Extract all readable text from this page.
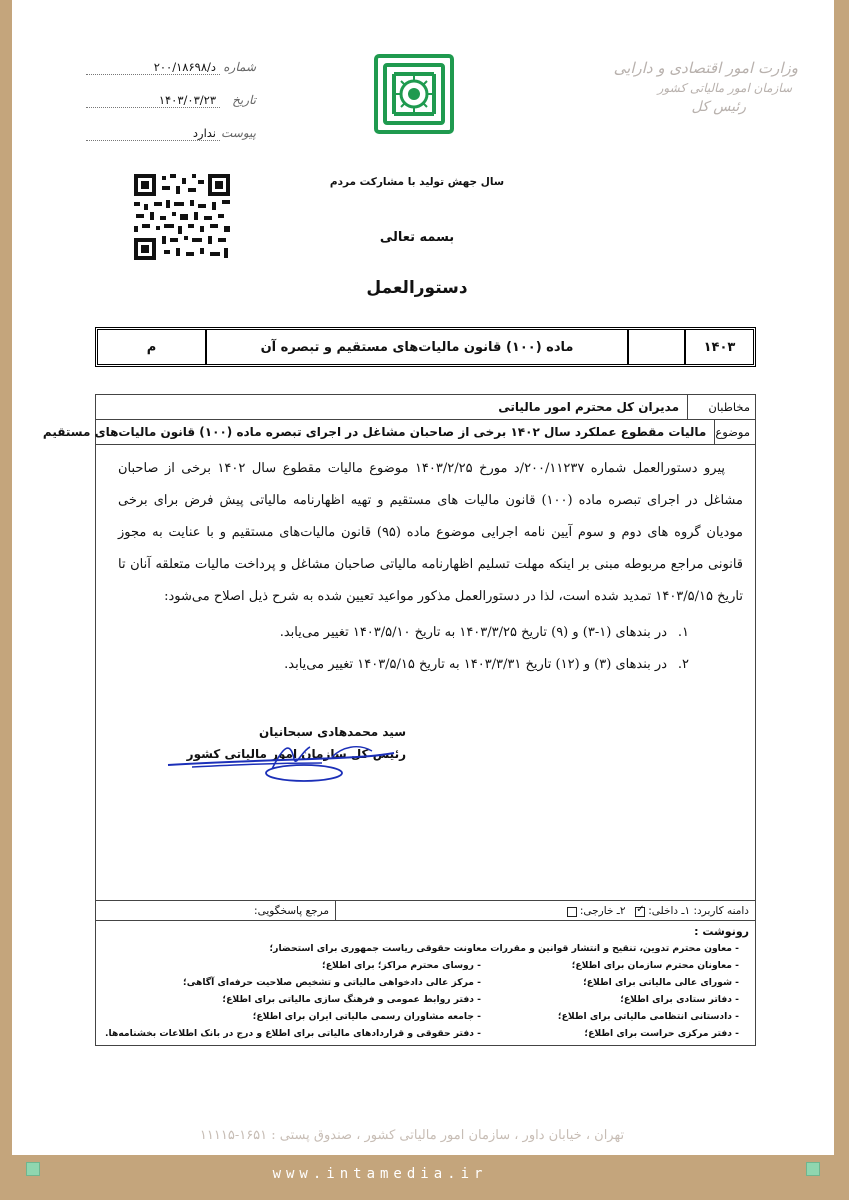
وزارت امور اقتصادی و دارایی
سازمان امور مالیاتی کشور
رئیس کل
سال جهش تولید با مشارکت مردم
شماره
د/۲۰۰/۱۸۶۹۸
تاریخ
۱۴۰۳/۰۳/۲۳
پیوست
ندارد
بسمه تعالی
دستورالعمل
۱۴۰۳
ماده (۱۰۰) قانون مالیات‌های مستقیم و تبصره آن
م
مخاطبان
مدیران کل محترم امور مالیاتی
موضوع
مالیات مقطوع عملکرد سال ۱۴۰۲ برخی از صاحبان مشاغل در اجرای تبصره ماده (۱۰۰) قانون مالیات‌های مستقیم

پیرو دستورالعمل شماره ۲۰۰/۱۱۲۳۷/د مورخ ۱۴۰۳/۲/۲۵ موضوع مالیات مقطوع سال ۱۴۰۲ برخی از صاحبان مشاغل در اجرای تبصره ماده (۱۰۰) قانون مالیات های مستقیم و تهیه اظهارنامه مالیاتی پیش فرض برای برخی مودیان گروه های دوم و سوم آیین نامه اجرایی موضوع ماده (۹۵) قانون مالیات‌های مستقیم و با عنایت به مجوز قانونی مراجع مربوطه مبنی بر اینکه مهلت تسلیم اظهارنامه مالیاتی صاحبان مشاغل و پرداخت مالیات متعلقه آنان تا تاریخ ۱۴۰۳/۵/۱۵ تمدید شده است، لذا در دستورالعمل مذکور مواعید تعیین شده به شرح ذیل اصلاح می‌شود:

۱.
در بندهای (۱-۳) و (۹) تاریخ ۱۴۰۳/۳/۲۵ به تاریخ ۱۴۰۳/۵/۱۰ تغییر می‌یابد.
۲.
در بندهای (۳) و (۱۲) تاریخ ۱۴۰۳/۳/۳۱ به تاریخ ۱۴۰۳/۵/۱۵ تغییر می‌یابد.
سید محمدهادی سبحانیان
رئیس کل سازمان امور مالیاتی کشور
دامنه کاربرد:

۱ـ داخلی:
✓

۲ـ خارجی:
مرجع پاسخگویی:
رونوشت :
- معاون محترم تدوین، تنقیح و انتشار قوانین و مقررات معاونت حقوقی ریاست جمهوری برای استحضار؛
- معاونان محترم سازمان برای اطلاع؛
- روسای محترم مراکز؛ برای اطلاع؛
- شورای عالی مالیاتی برای اطلاع؛
- مرکز عالی دادخواهی مالیاتی و تشخیص صلاحیت حرفه‌ای آگاهی؛
- دفاتر ستادی برای اطلاع؛
- دفتر روابط عمومی و فرهنگ سازی مالیاتی برای اطلاع؛
- دادستانی انتظامی مالیاتی برای اطلاع؛
- جامعه مشاوران رسمی مالیاتی ایران برای اطلاع؛
- دفتر مرکزی حراست برای اطلاع؛
- دفتر حقوقی و قراردادهای مالیاتی برای اطلاع و درج در بانک اطلاعات بخشنامه‌ها.
تهران ، خیابان داور ، سازمان امور مالیاتی کشور ، صندوق پستی : ۱۶۵۱-۱۱۱۱۵
www.intamedia.ir
